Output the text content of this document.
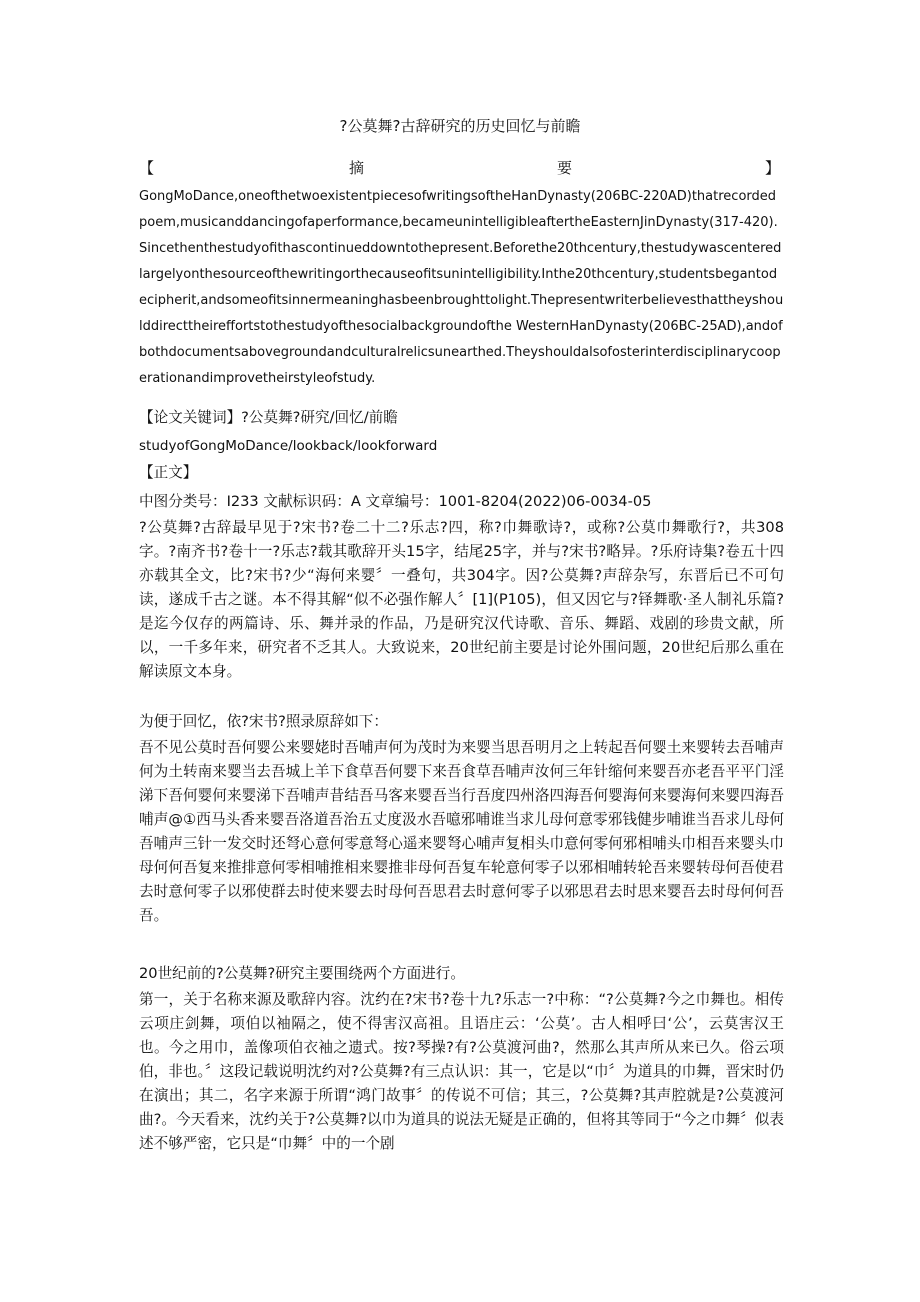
?公莫舞?古辞研究的历史回忆与前瞻
【	摘	要	】
GongMoDance,oneofthetwoexistentpiecesofwritingsoftheHanDynasty(206BC-220AD)thatrecordedpoem,musicanddancingofaperformance,becameunintelligibleaftertheEasternJinDynasty(317-420).Sincethenthestudyofithascontinueddowntothepresent.Beforethe20thcentury,thestudywascenteredlargelyonthesourceofthewritingorthecauseofitsunintelligibility.Inthe20thcentury,studentsbegantodecipherit,andsomeofitsinnermeaninghasbeenbroughttolight.Thepresentwriterbelievesthattheyshoulddirecttheireffortstothestudyofthesocialbackgroundofthe WesternHanDynasty(206BC-25AD),andofbothdocumentsabovegroundandculturalrelicsunearthed.Theyshouldalsofosterinterdisciplinarycooperationandimprovetheirstyleofstudy.
【论文关键词】?公莫舞?研究/回忆/前瞻
studyofGongMoDance/lookback/lookforward
【正文】
中图分类号：I233 文献标识码：A 文章编号：1001-8204(2022)06-0034-05
?公莫舞?古辞最早见于?宋书?卷二十二?乐志?四，称?巾舞歌诗?，或称?公莫巾舞歌行?，共308字。?南齐书?卷十一?乐志?载其歌辞开头15字，结尾25字，并与?宋书?略异。?乐府诗集?卷五十四亦载其全文，比?宋书?少“海何来婴〞一叠句，共304字。因?公莫舞?声辞杂写，东晋后已不可句读，遂成千古之谜。本不得其解“似不必强作解人〞[1](P105)，但又因它与?铎舞歌·圣人制礼乐篇?是迄今仅存的两篇诗、乐、舞并录的作品，乃是研究汉代诗歌、音乐、舞蹈、戏剧的珍贵文献，所以，一千多年来，研究者不乏其人。大致说来，20世纪前主要是讨论外围问题，20世纪后那么重在解读原文本身。
为便于回忆，依?宋书?照录原辞如下：
吾不见公莫时吾何婴公来婴姥时吾哺声何为茂时为来婴当思吾明月之上转起吾何婴土来婴转去吾哺声何为土转南来婴当去吾城上羊下食草吾何婴下来吾食草吾哺声汝何三年针缩何来婴吾亦老吾平平门淫涕下吾何婴何来婴涕下吾哺声昔结吾马客来婴吾当行吾度四州洛四海吾何婴海何来婴海何来婴四海吾哺声@①西马头香来婴吾洛道吾治五丈度汲水吾噫邪哺谁当求儿母何意零邪钱健步哺谁当吾求儿母何吾哺声三针一发交时还弩心意何零意弩心遥来婴弩心哺声复相头巾意何零何邪相哺头巾相吾来婴头巾母何何吾复来推排意何零相哺推相来婴推非母何吾复车轮意何零子以邪相哺转轮吾来婴转母何吾使君去时意何零子以邪使群去时使来婴去时母何吾思君去时意何零子以邪思君去时思来婴吾去时母何何吾吾。
20世纪前的?公莫舞?研究主要围绕两个方面进行。
第一，关于名称来源及歌辞内容。沈约在?宋书?卷十九?乐志一?中称：“?公莫舞?今之巾舞也。相传云项庄剑舞，项伯以袖隔之，使不得害汉高祖。且语庄云：‘公莫’。古人相呼曰‘公’，云莫害汉王也。今之用巾，盖像项伯衣袖之遗式。按?琴操?有?公莫渡河曲?，然那么其声所从来已久。俗云项伯，非也。〞这段记载说明沈约对?公莫舞?有三点认识：其一，它是以“巾〞为道具的巾舞，晋宋时仍在演出；其二，名字来源于所谓“鸿门故事〞的传说不可信；其三，?公莫舞?其声腔就是?公莫渡河曲?。今天看来，沈约关于?公莫舞?以巾为道具的说法无疑是正确的，但将其等同于“今之巾舞〞似表述不够严密，它只是“巾舞〞中的一个剧
